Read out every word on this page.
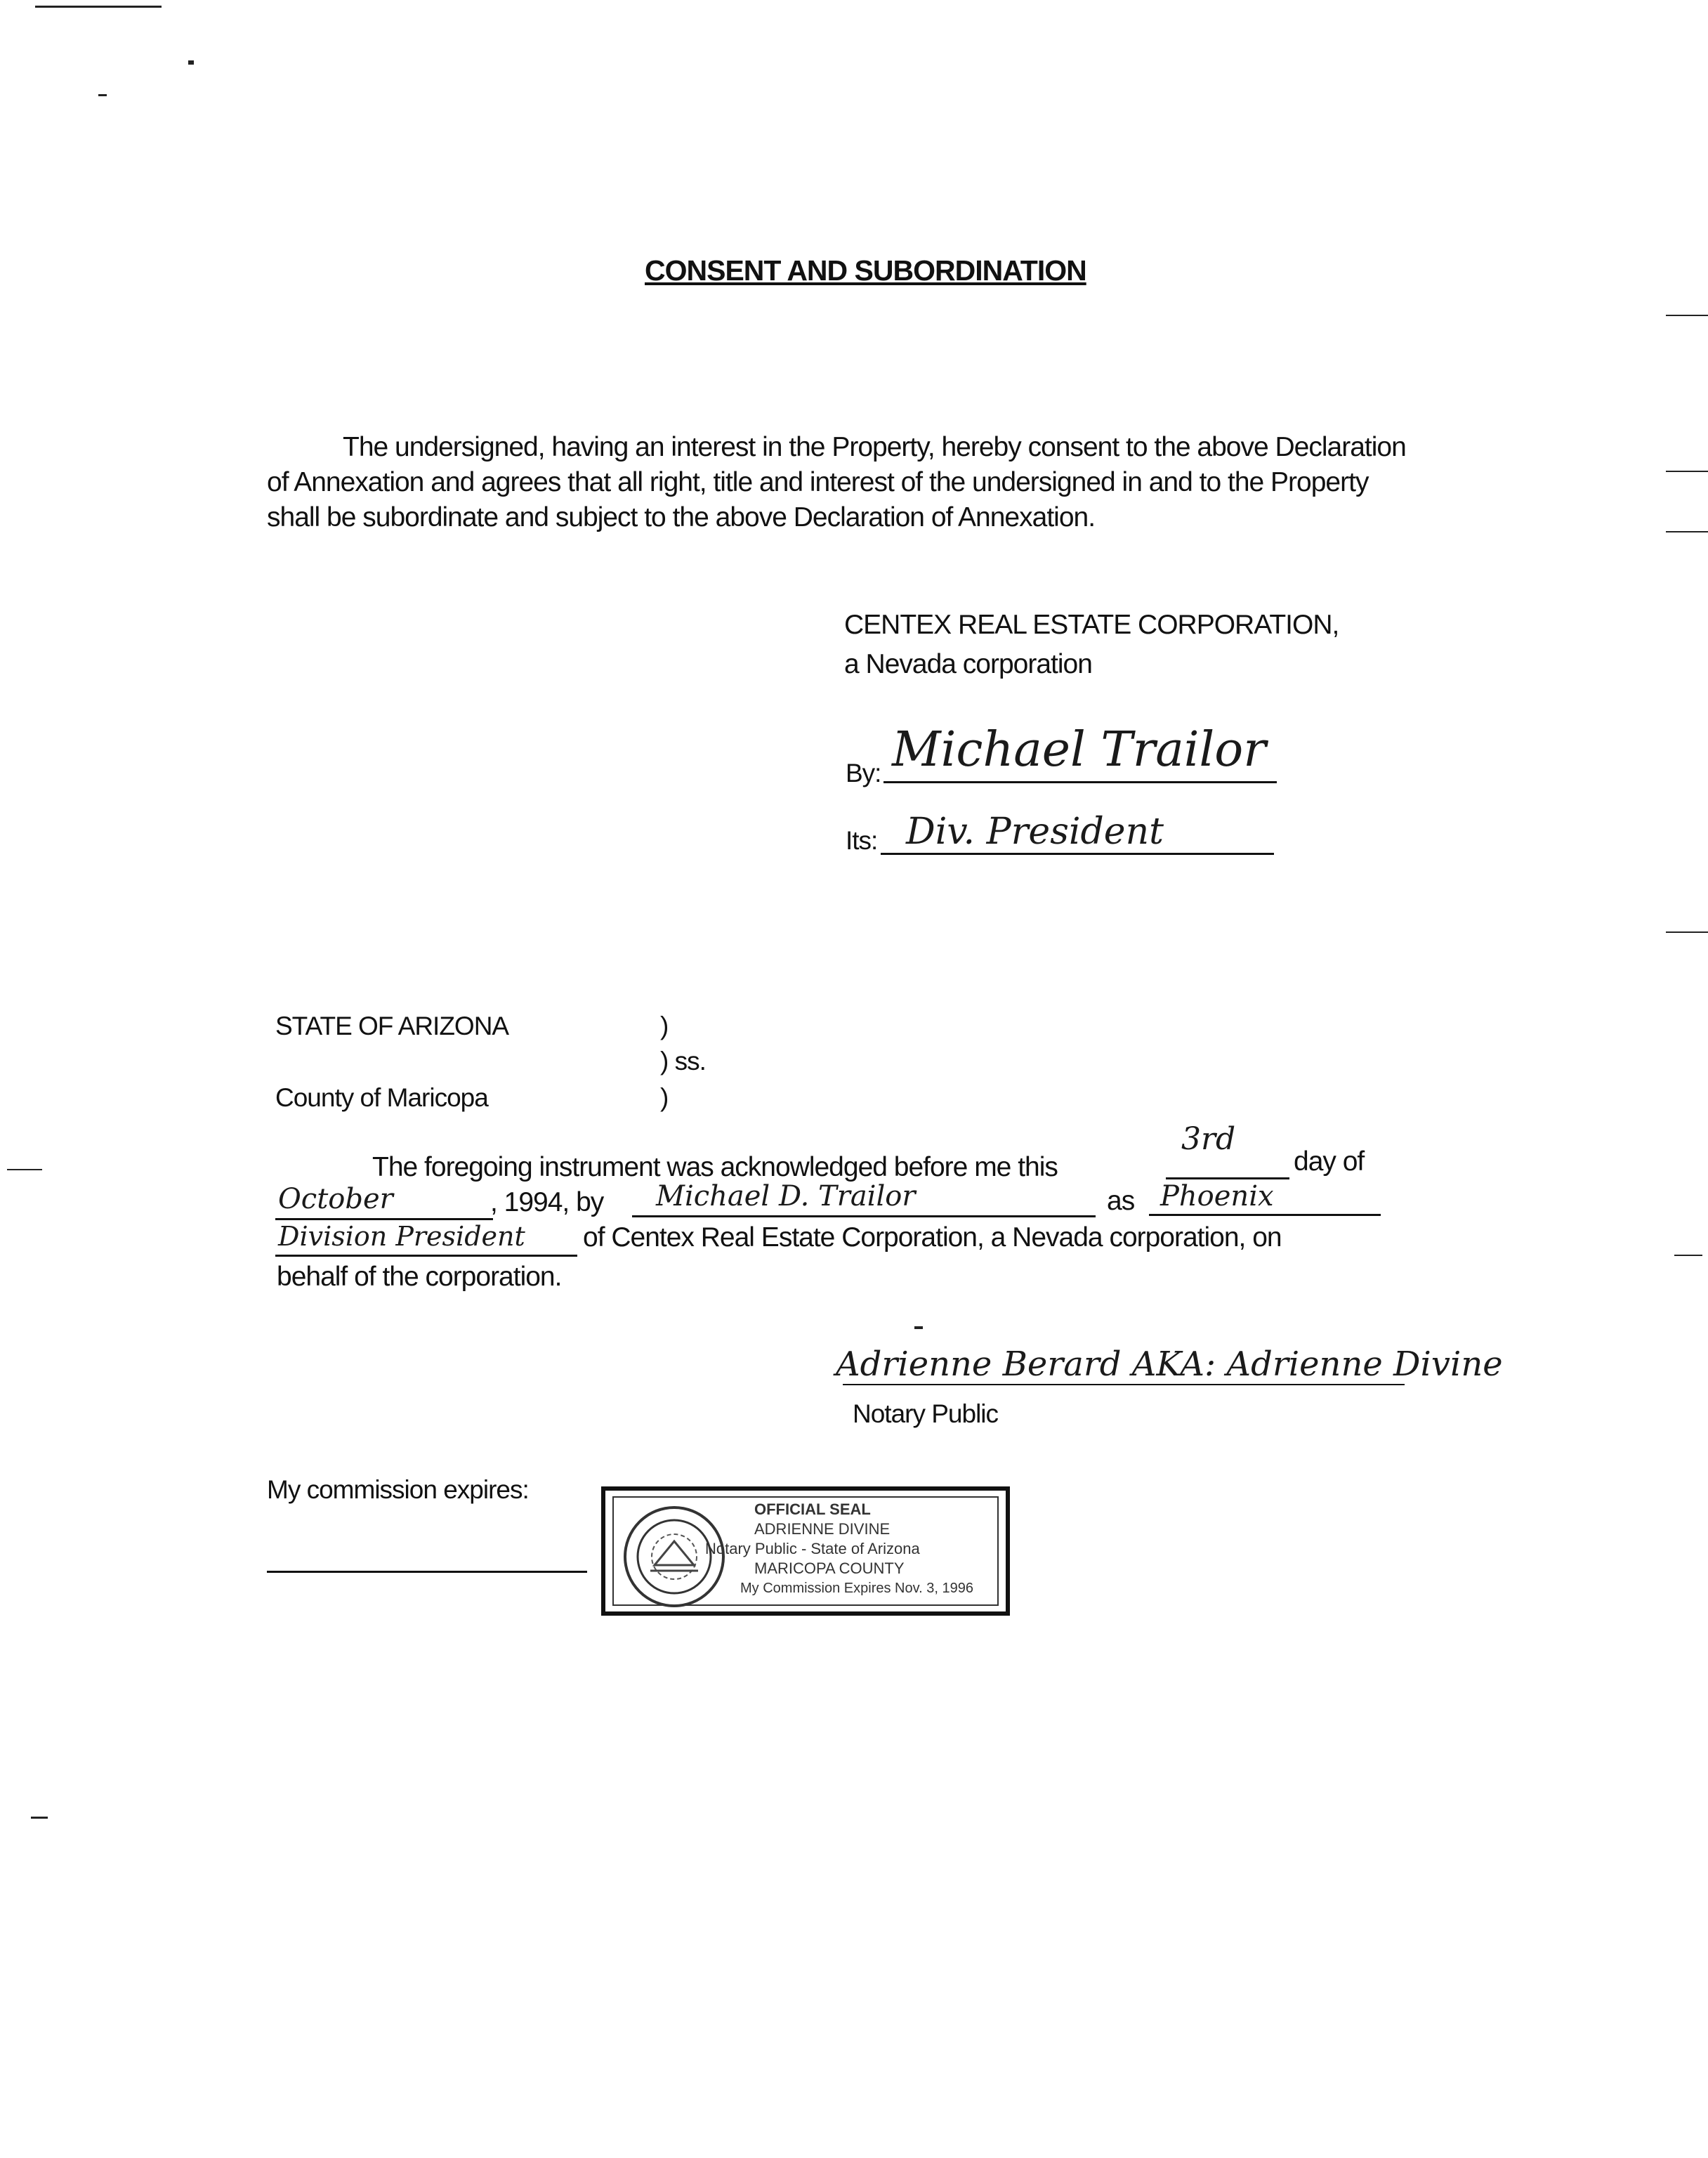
CONSENT AND SUBORDINATION
The undersigned, having an interest in the Property, hereby consent to the above Declaration of Annexation and agrees that all right, title and interest of the undersigned in and to the Property shall be subordinate and subject to the above Declaration of Annexation.
CENTEX REAL ESTATE CORPORATION,
a Nevada corporation
By: Michael Trailor
Its: Div. President
STATE OF ARIZONA	)
) ss.
County of Maricopa	)
The foregoing instrument was acknowledged before me this
3rd
day of
October	, 1994, by Michael D. Trailor	as Phoenix
Division President of Centex Real Estate Corporation, a Nevada corporation, on
behalf of the corporation.
Adrienne Berard AKA: Adrienne Divine
Notary Public
My commission expires:
OFFICIAL SEAL
ADRIENNE DIVINE
Notary Public - State of Arizona
MARICOPA COUNTY
My Commission Expires Nov. 3, 1996
